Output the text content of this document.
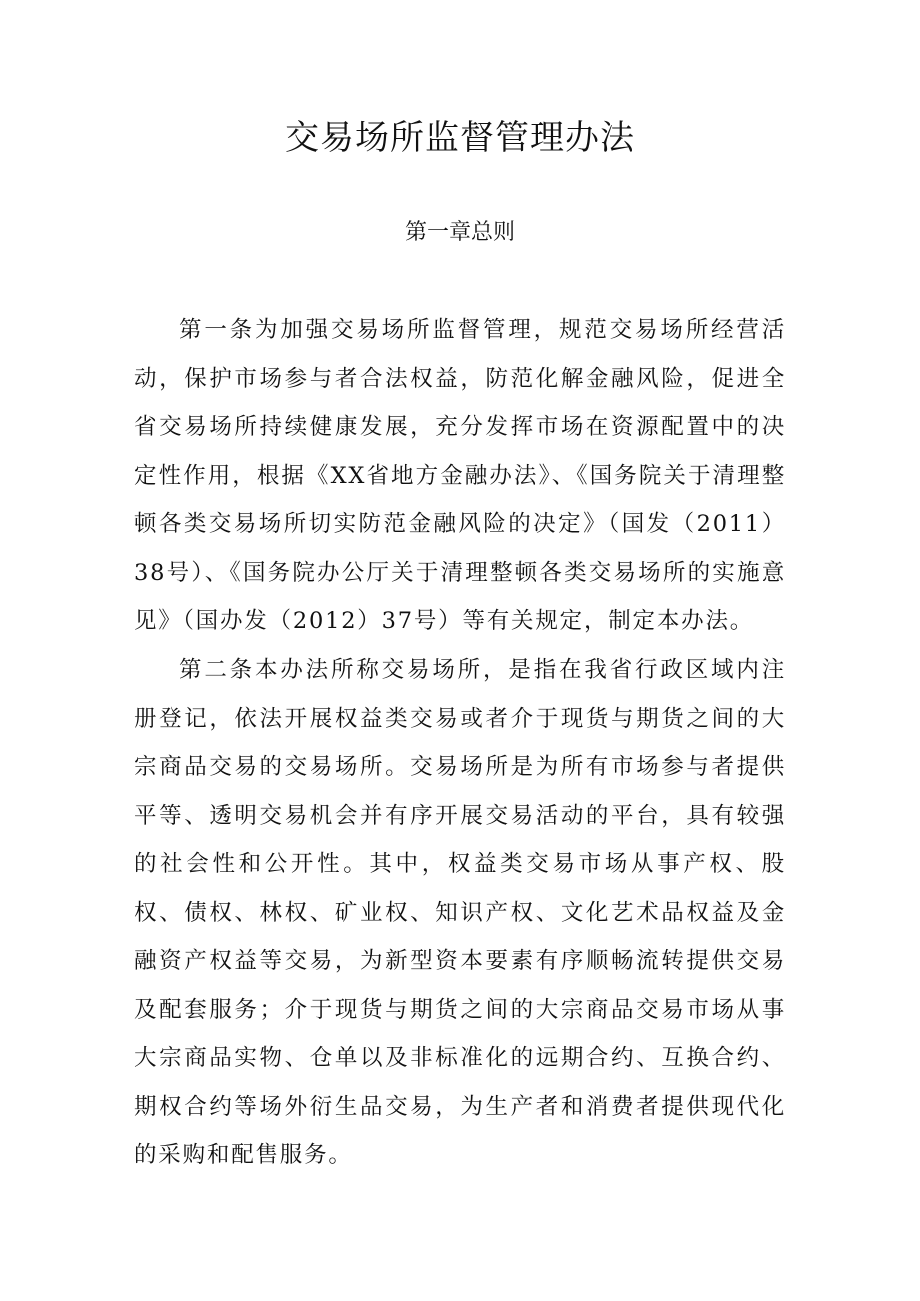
交易场所监督管理办法
第一章总则

第一条为加强交易场所监督管理，规范交易场所经营活动，保护市场参与者合法权益，防范化解金融风险，促进全省交易场所持续健康发展，充分发挥市场在资源配置中的决定性作用，根据《XX省地方金融办法》、《国务院关于清理整顿各类交易场所切实防范金融风险的决定》（国发（2011）38号）、《国务院办公厅关于清理整顿各类交易场所的实施意见》（国办发（2012）37号）等有关规定，制定本办法。

第二条本办法所称交易场所，是指在我省行政区域内注册登记，依法开展权益类交易或者介于现货与期货之间的大宗商品交易的交易场所。交易场所是为所有市场参与者提供平等、透明交易机会并有序开展交易活动的平台，具有较强的社会性和公开性。其中，权益类交易市场从事产权、股权、债权、林权、矿业权、知识产权、文化艺术品权益及金融资产权益等交易，为新型资本要素有序顺畅流转提供交易及配套服务；介于现货与期货之间的大宗商品交易市场从事大宗商品实物、仓单以及非标准化的远期合约、互换合约、期权合约等场外衍生品交易，为生产者和消费者提供现代化的采购和配售服务。
